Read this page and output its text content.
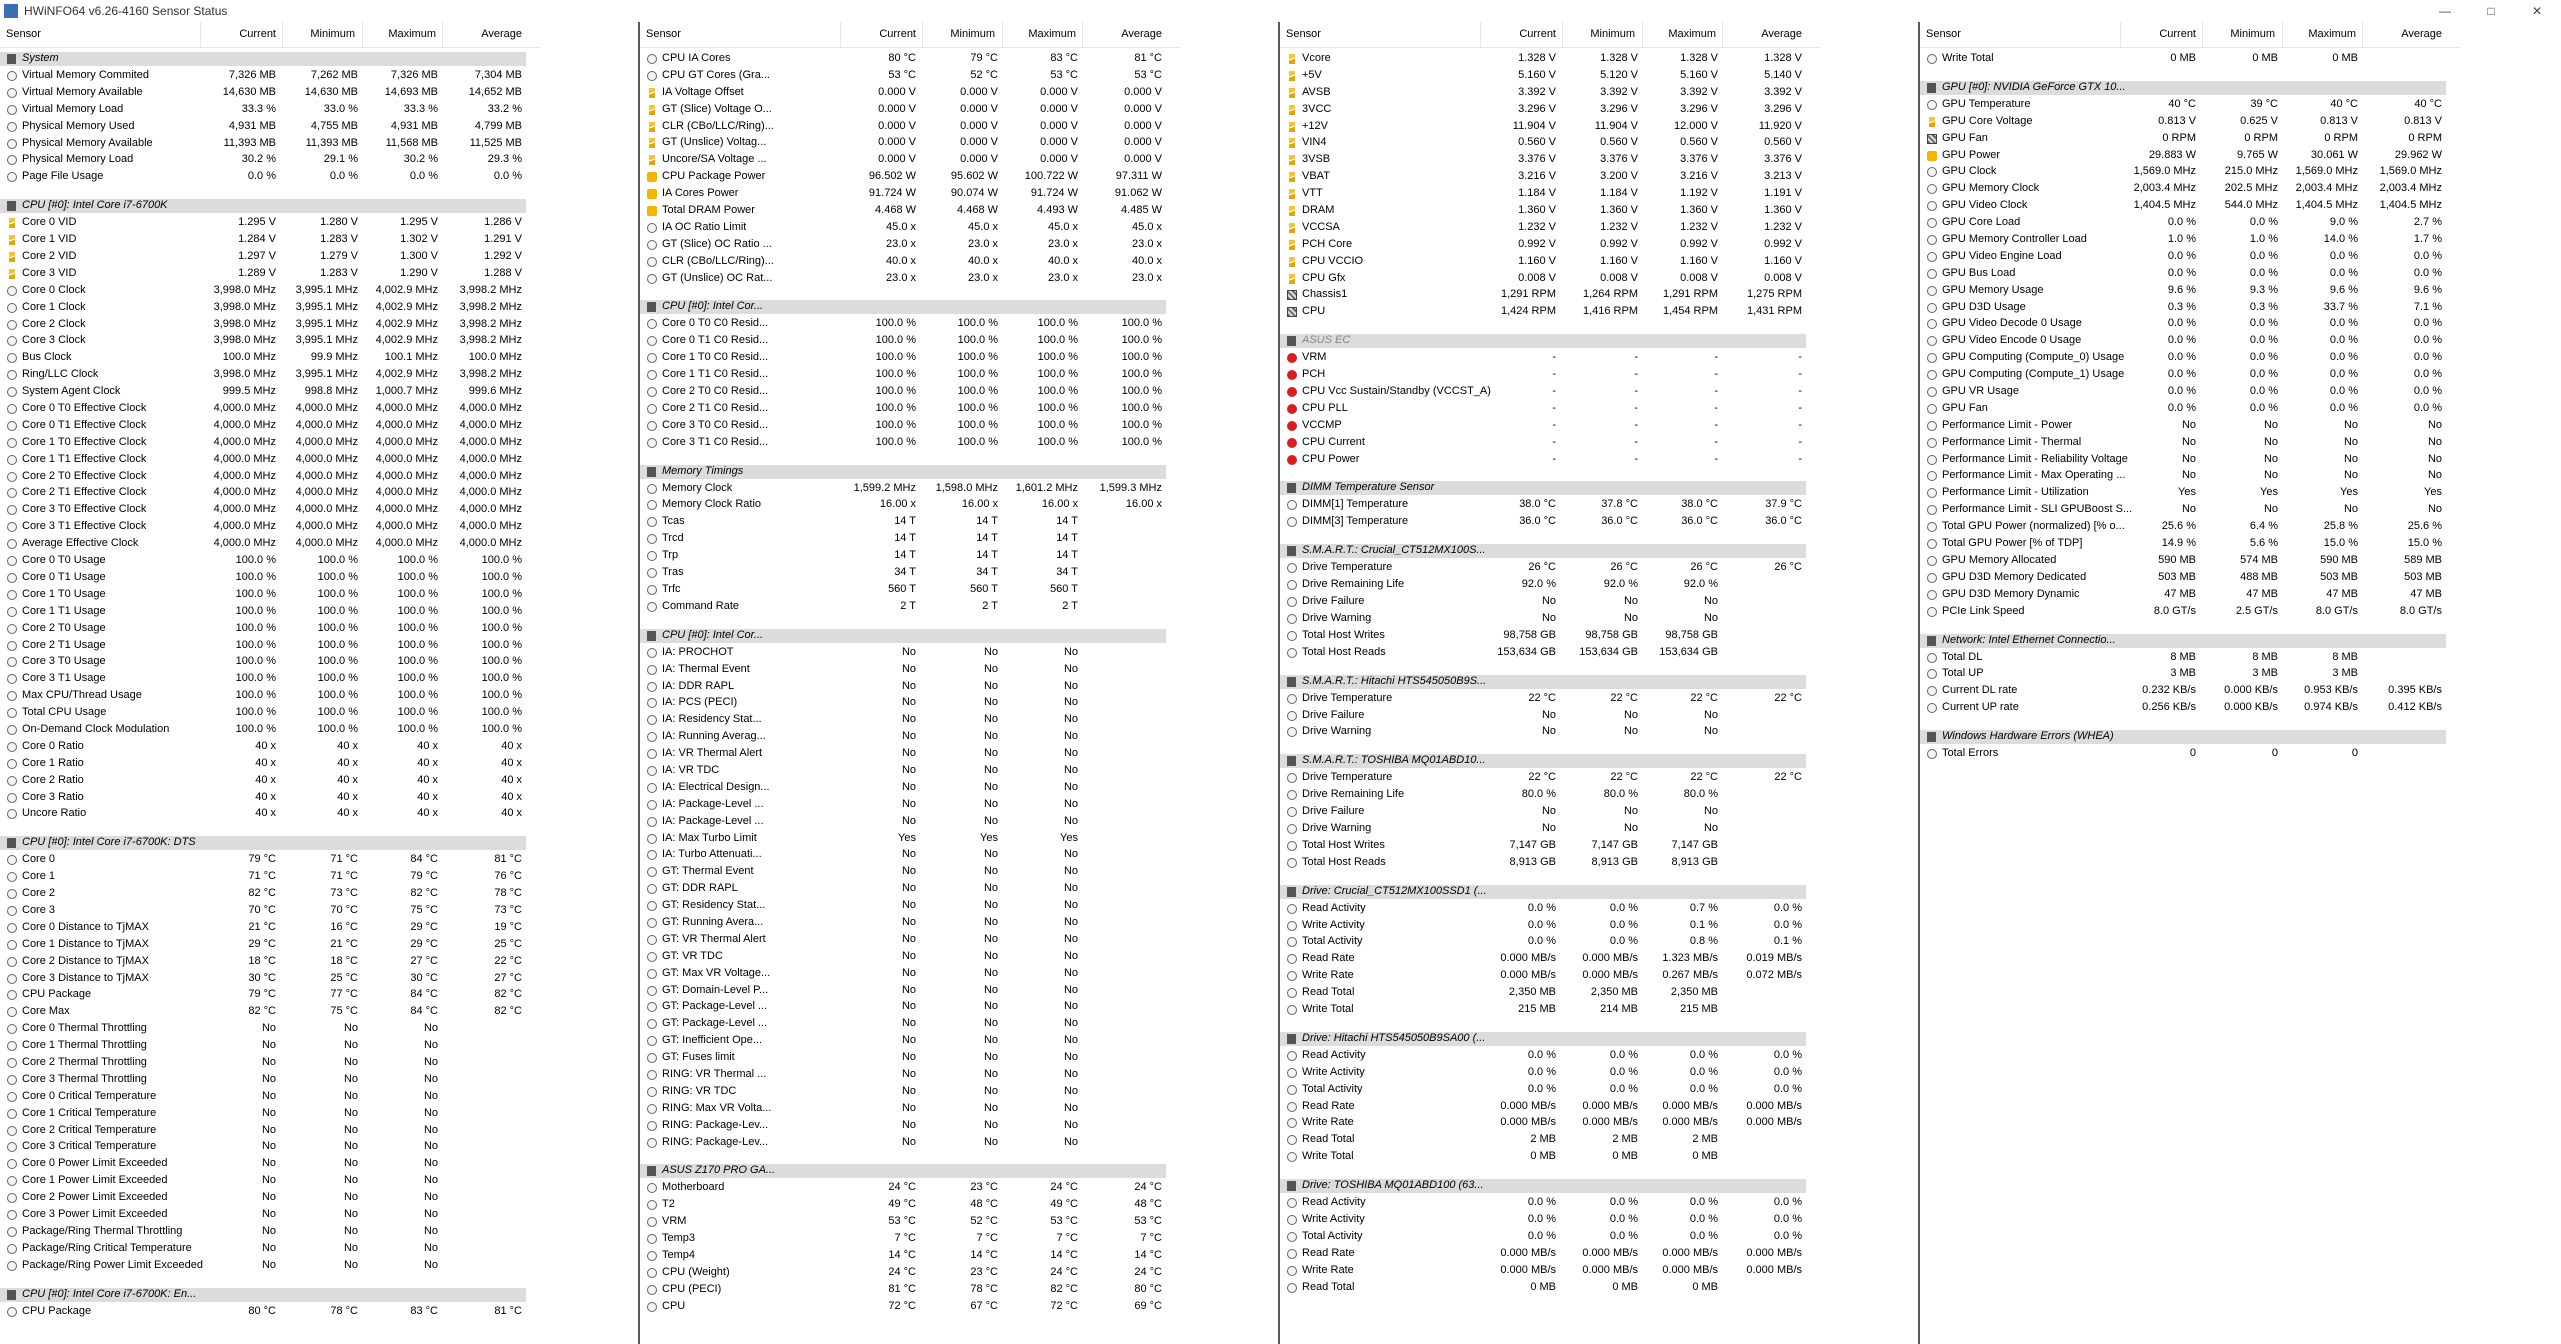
HWiNFO64 v6.26-4160 Sensor Status	—	□	✕
Sensor	Current	Minimum	Maximum	Average
System
Virtual Memory Commited	7,326 MB	7,262 MB	7,326 MB	7,304 MB
Virtual Memory Available	14,630 MB	14,630 MB	14,693 MB	14,652 MB
Virtual Memory Load	33.3 %	33.0 %	33.3 %	33.2 %
Physical Memory Used	4,931 MB	4,755 MB	4,931 MB	4,799 MB
Physical Memory Available	11,393 MB	11,393 MB	11,568 MB	11,525 MB
Physical Memory Load	30.2 %	29.1 %	30.2 %	29.3 %
Page File Usage	0.0 %	0.0 %	0.0 %	0.0 %
CPU [#0]: Intel Core i7-6700K
Core 0 VID	1.295 V	1.280 V	1.295 V	1.286 V
Core 1 VID	1.284 V	1.283 V	1.302 V	1.291 V
Core 2 VID	1.297 V	1.279 V	1.300 V	1.292 V
Core 3 VID	1.289 V	1.283 V	1.290 V	1.288 V
Core 0 Clock	3,998.0 MHz	3,995.1 MHz	4,002.9 MHz	3,998.2 MHz
Core 1 Clock	3,998.0 MHz	3,995.1 MHz	4,002.9 MHz	3,998.2 MHz
Core 2 Clock	3,998.0 MHz	3,995.1 MHz	4,002.9 MHz	3,998.2 MHz
Core 3 Clock	3,998.0 MHz	3,995.1 MHz	4,002.9 MHz	3,998.2 MHz
Bus Clock	100.0 MHz	99.9 MHz	100.1 MHz	100.0 MHz
Ring/LLC Clock	3,998.0 MHz	3,995.1 MHz	4,002.9 MHz	3,998.2 MHz
System Agent Clock	999.5 MHz	998.8 MHz	1,000.7 MHz	999.6 MHz
Core 0 T0 Effective Clock	4,000.0 MHz	4,000.0 MHz	4,000.0 MHz	4,000.0 MHz
Core 0 T1 Effective Clock	4,000.0 MHz	4,000.0 MHz	4,000.0 MHz	4,000.0 MHz
Core 1 T0 Effective Clock	4,000.0 MHz	4,000.0 MHz	4,000.0 MHz	4,000.0 MHz
Core 1 T1 Effective Clock	4,000.0 MHz	4,000.0 MHz	4,000.0 MHz	4,000.0 MHz
Core 2 T0 Effective Clock	4,000.0 MHz	4,000.0 MHz	4,000.0 MHz	4,000.0 MHz
Core 2 T1 Effective Clock	4,000.0 MHz	4,000.0 MHz	4,000.0 MHz	4,000.0 MHz
Core 3 T0 Effective Clock	4,000.0 MHz	4,000.0 MHz	4,000.0 MHz	4,000.0 MHz
Core 3 T1 Effective Clock	4,000.0 MHz	4,000.0 MHz	4,000.0 MHz	4,000.0 MHz
Average Effective Clock	4,000.0 MHz	4,000.0 MHz	4,000.0 MHz	4,000.0 MHz
Core 0 T0 Usage	100.0 %	100.0 %	100.0 %	100.0 %
Core 0 T1 Usage	100.0 %	100.0 %	100.0 %	100.0 %
Core 1 T0 Usage	100.0 %	100.0 %	100.0 %	100.0 %
Core 1 T1 Usage	100.0 %	100.0 %	100.0 %	100.0 %
Core 2 T0 Usage	100.0 %	100.0 %	100.0 %	100.0 %
Core 2 T1 Usage	100.0 %	100.0 %	100.0 %	100.0 %
Core 3 T0 Usage	100.0 %	100.0 %	100.0 %	100.0 %
Core 3 T1 Usage	100.0 %	100.0 %	100.0 %	100.0 %
Max CPU/Thread Usage	100.0 %	100.0 %	100.0 %	100.0 %
Total CPU Usage	100.0 %	100.0 %	100.0 %	100.0 %
On-Demand Clock Modulation	100.0 %	100.0 %	100.0 %	100.0 %
Core 0 Ratio	40 x	40 x	40 x	40 x
Core 1 Ratio	40 x	40 x	40 x	40 x
Core 2 Ratio	40 x	40 x	40 x	40 x
Core 3 Ratio	40 x	40 x	40 x	40 x
Uncore Ratio	40 x	40 x	40 x	40 x
CPU [#0]: Intel Core i7-6700K: DTS
Core 0	79 °C	71 °C	84 °C	81 °C
Core 1	71 °C	71 °C	79 °C	76 °C
Core 2	82 °C	73 °C	82 °C	78 °C
Core 3	70 °C	70 °C	75 °C	73 °C
Core 0 Distance to TjMAX	21 °C	16 °C	29 °C	19 °C
Core 1 Distance to TjMAX	29 °C	21 °C	29 °C	25 °C
Core 2 Distance to TjMAX	18 °C	18 °C	27 °C	22 °C
Core 3 Distance to TjMAX	30 °C	25 °C	30 °C	27 °C
CPU Package	79 °C	77 °C	84 °C	82 °C
Core Max	82 °C	75 °C	84 °C	82 °C
Core 0 Thermal Throttling	No	No	No
Core 1 Thermal Throttling	No	No	No
Core 2 Thermal Throttling	No	No	No
Core 3 Thermal Throttling	No	No	No
Core 0 Critical Temperature	No	No	No
Core 1 Critical Temperature	No	No	No
Core 2 Critical Temperature	No	No	No
Core 3 Critical Temperature	No	No	No
Core 0 Power Limit Exceeded	No	No	No
Core 1 Power Limit Exceeded	No	No	No
Core 2 Power Limit Exceeded	No	No	No
Core 3 Power Limit Exceeded	No	No	No
Package/Ring Thermal Throttling	No	No	No
Package/Ring Critical Temperature	No	No	No
Package/Ring Power Limit Exceeded	No	No	No
CPU [#0]: Intel Core i7-6700K: En...
CPU Package	80 °C	78 °C	83 °C	81 °C
Sensor	Current	Minimum	Maximum	Average
CPU IA Cores	80 °C	79 °C	83 °C	81 °C
CPU GT Cores (Gra...	53 °C	52 °C	53 °C	53 °C
IA Voltage Offset	0.000 V	0.000 V	0.000 V	0.000 V
GT (Slice) Voltage O...	0.000 V	0.000 V	0.000 V	0.000 V
CLR (CBo/LLC/Ring)...	0.000 V	0.000 V	0.000 V	0.000 V
GT (Unslice) Voltag...	0.000 V	0.000 V	0.000 V	0.000 V
Uncore/SA Voltage ...	0.000 V	0.000 V	0.000 V	0.000 V
CPU Package Power	96.502 W	95.602 W	100.722 W	97.311 W
IA Cores Power	91.724 W	90.074 W	91.724 W	91.062 W
Total DRAM Power	4.468 W	4.468 W	4.493 W	4.485 W
IA OC Ratio Limit	45.0 x	45.0 x	45.0 x	45.0 x
GT (Slice) OC Ratio ...	23.0 x	23.0 x	23.0 x	23.0 x
CLR (CBo/LLC/Ring)...	40.0 x	40.0 x	40.0 x	40.0 x
GT (Unslice) OC Rat...	23.0 x	23.0 x	23.0 x	23.0 x
CPU [#0]: Intel Cor...
Core 0 T0 C0 Resid...	100.0 %	100.0 %	100.0 %	100.0 %
Core 0 T1 C0 Resid...	100.0 %	100.0 %	100.0 %	100.0 %
Core 1 T0 C0 Resid...	100.0 %	100.0 %	100.0 %	100.0 %
Core 1 T1 C0 Resid...	100.0 %	100.0 %	100.0 %	100.0 %
Core 2 T0 C0 Resid...	100.0 %	100.0 %	100.0 %	100.0 %
Core 2 T1 C0 Resid...	100.0 %	100.0 %	100.0 %	100.0 %
Core 3 T0 C0 Resid...	100.0 %	100.0 %	100.0 %	100.0 %
Core 3 T1 C0 Resid...	100.0 %	100.0 %	100.0 %	100.0 %
Memory Timings
Memory Clock	1,599.2 MHz	1,598.0 MHz	1,601.2 MHz	1,599.3 MHz
Memory Clock Ratio	16.00 x	16.00 x	16.00 x	16.00 x
Tcas	14 T	14 T	14 T
Trcd	14 T	14 T	14 T
Trp	14 T	14 T	14 T
Tras	34 T	34 T	34 T
Trfc	560 T	560 T	560 T
Command Rate	2 T	2 T	2 T
CPU [#0]: Intel Cor...
IA: PROCHOT	No	No	No
IA: Thermal Event	No	No	No
IA: DDR RAPL	No	No	No
IA: PCS (PECI)	No	No	No
IA: Residency Stat...	No	No	No
IA: Running Averag...	No	No	No
IA: VR Thermal Alert	No	No	No
IA: VR TDC	No	No	No
IA: Electrical Design...	No	No	No
IA: Package-Level ...	No	No	No
IA: Package-Level ...	No	No	No
IA: Max Turbo Limit	Yes	Yes	Yes
IA: Turbo Attenuati...	No	No	No
GT: Thermal Event	No	No	No
GT: DDR RAPL	No	No	No
GT: Residency Stat...	No	No	No
GT: Running Avera...	No	No	No
GT: VR Thermal Alert	No	No	No
GT: VR TDC	No	No	No
GT: Max VR Voltage...	No	No	No
GT: Domain-Level P...	No	No	No
GT: Package-Level ...	No	No	No
GT: Package-Level ...	No	No	No
GT: Inefficient Ope...	No	No	No
GT: Fuses limit	No	No	No
RING: VR Thermal ...	No	No	No
RING: VR TDC	No	No	No
RING: Max VR Volta...	No	No	No
RING: Package-Lev...	No	No	No
RING: Package-Lev...	No	No	No
ASUS Z170 PRO GA...
Motherboard	24 °C	23 °C	24 °C	24 °C
T2	49 °C	48 °C	49 °C	48 °C
VRM	53 °C	52 °C	53 °C	53 °C
Temp3	7 °C	7 °C	7 °C	7 °C
Temp4	14 °C	14 °C	14 °C	14 °C
CPU (Weight)	24 °C	23 °C	24 °C	24 °C
CPU (PECI)	81 °C	78 °C	82 °C	80 °C
CPU	72 °C	67 °C	72 °C	69 °C
Sensor	Current	Minimum	Maximum	Average
Vcore	1.328 V	1.328 V	1.328 V	1.328 V
+5V	5.160 V	5.120 V	5.160 V	5.140 V
AVSB	3.392 V	3.392 V	3.392 V	3.392 V
3VCC	3.296 V	3.296 V	3.296 V	3.296 V
+12V	11.904 V	11.904 V	12.000 V	11.920 V
VIN4	0.560 V	0.560 V	0.560 V	0.560 V
3VSB	3.376 V	3.376 V	3.376 V	3.376 V
VBAT	3.216 V	3.200 V	3.216 V	3.213 V
VTT	1.184 V	1.184 V	1.192 V	1.191 V
DRAM	1.360 V	1.360 V	1.360 V	1.360 V
VCCSA	1.232 V	1.232 V	1.232 V	1.232 V
PCH Core	0.992 V	0.992 V	0.992 V	0.992 V
CPU VCCIO	1.160 V	1.160 V	1.160 V	1.160 V
CPU Gfx	0.008 V	0.008 V	0.008 V	0.008 V
Chassis1	1,291 RPM	1,264 RPM	1,291 RPM	1,275 RPM
CPU	1,424 RPM	1,416 RPM	1,454 RPM	1,431 RPM
ASUS EC
VRM	-	-	-	-
PCH	-	-	-	-
CPU Vcc Sustain/Standby (VCCST_A)	-	-	-	-
CPU PLL	-	-	-	-
VCCMP	-	-	-	-
CPU Current	-	-	-	-
CPU Power	-	-	-	-
DIMM Temperature Sensor
DIMM[1] Temperature	38.0 °C	37.8 °C	38.0 °C	37.9 °C
DIMM[3] Temperature	36.0 °C	36.0 °C	36.0 °C	36.0 °C
S.M.A.R.T.: Crucial_CT512MX100S...
Drive Temperature	26 °C	26 °C	26 °C	26 °C
Drive Remaining Life	92.0 %	92.0 %	92.0 %
Drive Failure	No	No	No
Drive Warning	No	No	No
Total Host Writes	98,758 GB	98,758 GB	98,758 GB
Total Host Reads	153,634 GB	153,634 GB	153,634 GB
S.M.A.R.T.: Hitachi HTS545050B9S...
Drive Temperature	22 °C	22 °C	22 °C	22 °C
Drive Failure	No	No	No
Drive Warning	No	No	No
S.M.A.R.T.: TOSHIBA MQ01ABD10...
Drive Temperature	22 °C	22 °C	22 °C	22 °C
Drive Remaining Life	80.0 %	80.0 %	80.0 %
Drive Failure	No	No	No
Drive Warning	No	No	No
Total Host Writes	7,147 GB	7,147 GB	7,147 GB
Total Host Reads	8,913 GB	8,913 GB	8,913 GB
Drive: Crucial_CT512MX100SSD1 (...
Read Activity	0.0 %	0.0 %	0.7 %	0.0 %
Write Activity	0.0 %	0.0 %	0.1 %	0.0 %
Total Activity	0.0 %	0.0 %	0.8 %	0.1 %
Read Rate	0.000 MB/s	0.000 MB/s	1.323 MB/s	0.019 MB/s
Write Rate	0.000 MB/s	0.000 MB/s	0.267 MB/s	0.072 MB/s
Read Total	2,350 MB	2,350 MB	2,350 MB
Write Total	215 MB	214 MB	215 MB
Drive: Hitachi HTS545050B9SA00 (...
Read Activity	0.0 %	0.0 %	0.0 %	0.0 %
Write Activity	0.0 %	0.0 %	0.0 %	0.0 %
Total Activity	0.0 %	0.0 %	0.0 %	0.0 %
Read Rate	0.000 MB/s	0.000 MB/s	0.000 MB/s	0.000 MB/s
Write Rate	0.000 MB/s	0.000 MB/s	0.000 MB/s	0.000 MB/s
Read Total	2 MB	2 MB	2 MB
Write Total	0 MB	0 MB	0 MB
Drive: TOSHIBA MQ01ABD100 (63...
Read Activity	0.0 %	0.0 %	0.0 %	0.0 %
Write Activity	0.0 %	0.0 %	0.0 %	0.0 %
Total Activity	0.0 %	0.0 %	0.0 %	0.0 %
Read Rate	0.000 MB/s	0.000 MB/s	0.000 MB/s	0.000 MB/s
Write Rate	0.000 MB/s	0.000 MB/s	0.000 MB/s	0.000 MB/s
Read Total	0 MB	0 MB	0 MB
Sensor	Current	Minimum	Maximum	Average
Write Total	0 MB	0 MB	0 MB
GPU [#0]: NVIDIA GeForce GTX 10...
GPU Temperature	40 °C	39 °C	40 °C	40 °C
GPU Core Voltage	0.813 V	0.625 V	0.813 V	0.813 V
GPU Fan	0 RPM	0 RPM	0 RPM	0 RPM
GPU Power	29.883 W	9.765 W	30.061 W	29.962 W
GPU Clock	1,569.0 MHz	215.0 MHz	1,569.0 MHz	1,569.0 MHz
GPU Memory Clock	2,003.4 MHz	202.5 MHz	2,003.4 MHz	2,003.4 MHz
GPU Video Clock	1,404.5 MHz	544.0 MHz	1,404.5 MHz	1,404.5 MHz
GPU Core Load	0.0 %	0.0 %	9.0 %	2.7 %
GPU Memory Controller Load	1.0 %	1.0 %	14.0 %	1.7 %
GPU Video Engine Load	0.0 %	0.0 %	0.0 %	0.0 %
GPU Bus Load	0.0 %	0.0 %	0.0 %	0.0 %
GPU Memory Usage	9.6 %	9.3 %	9.6 %	9.6 %
GPU D3D Usage	0.3 %	0.3 %	33.7 %	7.1 %
GPU Video Decode 0 Usage	0.0 %	0.0 %	0.0 %	0.0 %
GPU Video Encode 0 Usage	0.0 %	0.0 %	0.0 %	0.0 %
GPU Computing (Compute_0) Usage	0.0 %	0.0 %	0.0 %	0.0 %
GPU Computing (Compute_1) Usage	0.0 %	0.0 %	0.0 %	0.0 %
GPU VR Usage	0.0 %	0.0 %	0.0 %	0.0 %
GPU Fan	0.0 %	0.0 %	0.0 %	0.0 %
Performance Limit - Power	No	No	No	No
Performance Limit - Thermal	No	No	No	No
Performance Limit - Reliability Voltage	No	No	No	No
Performance Limit - Max Operating ...	No	No	No	No
Performance Limit - Utilization	Yes	Yes	Yes	Yes
Performance Limit - SLI GPUBoost S...	No	No	No	No
Total GPU Power (normalized) [% o...	25.6 %	6.4 %	25.8 %	25.6 %
Total GPU Power [% of TDP]	14.9 %	5.6 %	15.0 %	15.0 %
GPU Memory Allocated	590 MB	574 MB	590 MB	589 MB
GPU D3D Memory Dedicated	503 MB	488 MB	503 MB	503 MB
GPU D3D Memory Dynamic	47 MB	47 MB	47 MB	47 MB
PCIe Link Speed	8.0 GT/s	2.5 GT/s	8.0 GT/s	8.0 GT/s
Network: Intel Ethernet Connectio...
Total DL	8 MB	8 MB	8 MB
Total UP	3 MB	3 MB	3 MB
Current DL rate	0.232 KB/s	0.000 KB/s	0.953 KB/s	0.395 KB/s
Current UP rate	0.256 KB/s	0.000 KB/s	0.974 KB/s	0.412 KB/s
Windows Hardware Errors (WHEA)
Total Errors	0	0	0
